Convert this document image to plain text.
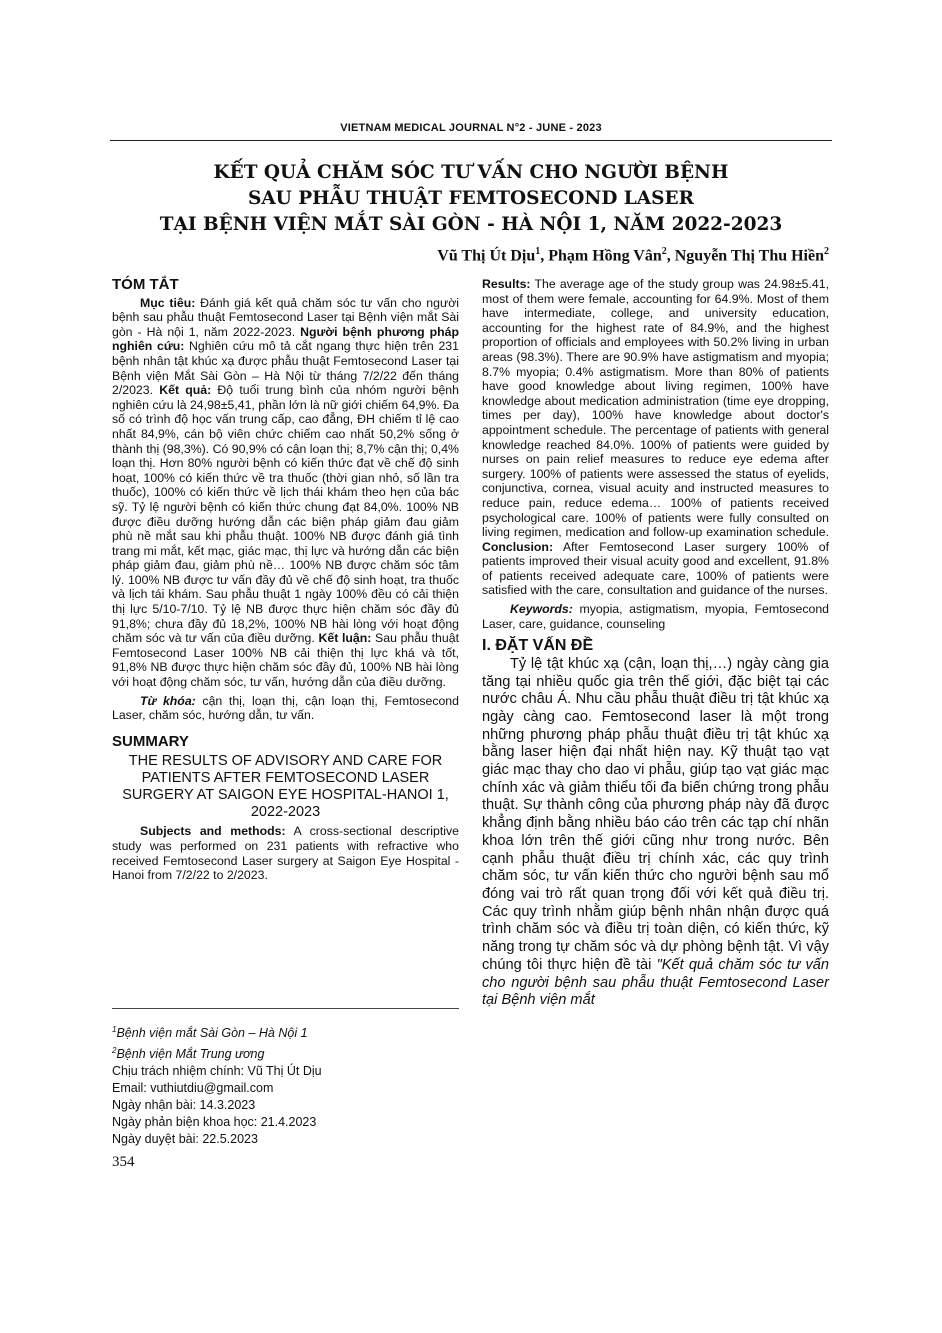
VIETNAM MEDICAL JOURNAL N°2 - JUNE - 2023
KẾT QUẢ CHĂM SÓC TƯ VẤN CHO NGƯỜI BỆNH
SAU PHẪU THUẬT FEMTOSECOND LASER
TẠI BỆNH VIỆN MẮT SÀI GÒN - HÀ NỘI 1, NĂM 2022-2023
Vũ Thị Út Dịu$^1$, Phạm Hồng Vân$^2$, Nguyễn Thị Thu Hiền$^2$
TÓM TẮT

Mục tiêu: Đánh giá kết quả chăm sóc tư vấn cho người bệnh sau phẫu thuật Femtosecond Laser tại Bệnh viện mắt Sài gòn - Hà nội 1, năm 2022-2023. Người bệnh phương pháp nghiên cứu: Nghiên cứu mô tả cắt ngang thực hiện trên 231 bệnh nhân tật khúc xạ được phẫu thuật Femtosecond Laser tại Bệnh viện Mắt Sài Gòn – Hà Nội từ tháng 7/2/22 đến tháng 2/2023. Kết quả: Độ tuổi trung bình của nhóm người bệnh nghiên cứu là 24,98±5,41, phần lớn là nữ giới chiếm 64,9%. Đa số có trình độ học vấn trung cấp, cao đẳng, ĐH chiếm tỉ lệ cao nhất 84,9%, cán bộ viên chức chiếm cao nhất 50,2% sống ở thành thị (98,3%). Có 90,9% có cận loạn thị; 8,7% cận thị; 0,4% loạn thị. Hơn 80% người bệnh có kiến thức đạt về chế độ sinh hoạt, 100% có kiến thức về tra thuốc (thời gian nhỏ, số lần tra thuốc), 100% có kiến thức về lịch thái khám theo hẹn của bác sỹ. Tỷ lệ người bệnh có kiến thức chung đạt 84,0%. 100% NB được điều dưỡng hướng dẫn các biện pháp giảm đau giảm phù nề mắt sau khi phẫu thuật. 100% NB được đánh giá tình trang mi mắt, kết mạc, giác mạc, thị lực và hướng dẫn các biện pháp giảm đau, giảm phù nề… 100% NB được chăm sóc tâm lý. 100% NB được tư vấn đầy đủ về chế độ sinh hoạt, tra thuốc và lịch tái khám. Sau phẫu thuật 1 ngày 100% đều có cải thiện thị lực 5/10-7/10. Tỷ lệ NB được thực hiện chăm sóc đầy đủ 91,8%; chưa đầy đủ 18,2%, 100% NB hài lòng với hoạt động chăm sóc và tư vấn của điều dưỡng. Kết luận: Sau phẫu thuật Femtosecond Laser 100% NB cải thiện thị lực khá và tốt, 91,8% NB được thực hiện chăm sóc đầy đủ, 100% NB hài lòng với hoạt động chăm sóc, tư vấn, hướng dẫn của điều dưỡng.

Từ khóa: cận thị, loạn thị, cận loạn thị, Femtosecond Laser, chăm sóc, hướng dẫn, tư vấn.

SUMMARY
THE RESULTS OF ADVISORY AND CARE FOR PATIENTS AFTER FEMTOSECOND LASER SURGERY AT SAIGON EYE HOSPITAL-HANOI 1, 2022-2023

Subjects and methods: A cross-sectional descriptive study was performed on 231 patients with refractive who received Femtosecond Laser surgery at Saigon Eye Hospital - Hanoi from 7/2/22 to 2/2023.

Results: The average age of the study group was 24.98±5.41, most of them were female, accounting for 64.9%. Most of them have intermediate, college, and university education, accounting for the highest rate of 84.9%, and the highest proportion of officials and employees with 50.2% living in urban areas (98.3%). There are 90.9% have astigmatism and myopia; 8.7% myopia; 0.4% astigmatism. More than 80% of patients have good knowledge about living regimen, 100% have knowledge about medication administration (time eye dropping, times per day), 100% have knowledge about doctor's appointment schedule. The percentage of patients with general knowledge reached 84.0%. 100% of patients were guided by nurses on pain relief measures to reduce eye edema after surgery. 100% of patients were assessed the status of eyelids, conjunctiva, cornea, visual acuity and instructed measures to reduce pain, reduce edema… 100% of patients received psychological care. 100% of patients were fully consulted on living regimen, medication and follow-up examination schedule. Conclusion: After Femtosecond Laser surgery 100% of patients improved their visual acuity good and excellent, 91.8% of patients received adequate care, 100% of patients were satisfied with the care, consultation and guidance of the nurses.

Keywords: myopia, astigmatism, myopia, Femtosecond Laser, care, guidance, counseling

I. ĐẶT VẤN ĐỀ

Tỷ lệ tật khúc xạ (cận, loạn thị,…) ngày càng gia tăng tại nhiều quốc gia trên thế giới, đặc biệt tại các nước châu Á. Nhu cầu phẫu thuật điều trị tật khúc xạ ngày càng cao. Femtosecond laser là một trong những phương pháp phẫu thuật điều trị tật khúc xạ bằng laser hiện đại nhất hiện nay. Kỹ thuật tạo vạt giác mạc thay cho dao vi phẫu, giúp tạo vạt giác mạc chính xác và giảm thiểu tối đa biến chứng trong phẫu thuật. Sự thành công của phương pháp này đã được khẳng định bằng nhiều báo cáo trên các tạp chí nhãn khoa lớn trên thế giới cũng như trong nước. Bên cạnh phẫu thuật điều trị chính xác, các quy trình chăm sóc, tư vấn kiến thức cho người bệnh sau mổ đóng vai trò rất quan trọng đối với kết quả điều trị. Các quy trình nhằm giúp bệnh nhân nhận được quá trình chăm sóc và điều trị toàn diện, có kiến thức, kỹ năng trong tự chăm sóc và dự phòng bệnh tật. Vì vậy chúng tôi thực hiện đề tài "Kết quả chăm sóc tư vấn cho người bệnh sau phẫu thuật Femtosecond Laser tại Bệnh viện mắt

$^1$Bệnh viện mắt Sài Gòn – Hà Nội 1

$^2$Bệnh viện Mắt Trung ương

Chịu trách nhiệm chính: Vũ Thị Út Dịu

Email: vuthiutdiu@gmail.com

Ngày nhận bài: 14.3.2023

Ngày phản biện khoa học: 21.4.2023

Ngày duyệt bài: 22.5.2023

354
